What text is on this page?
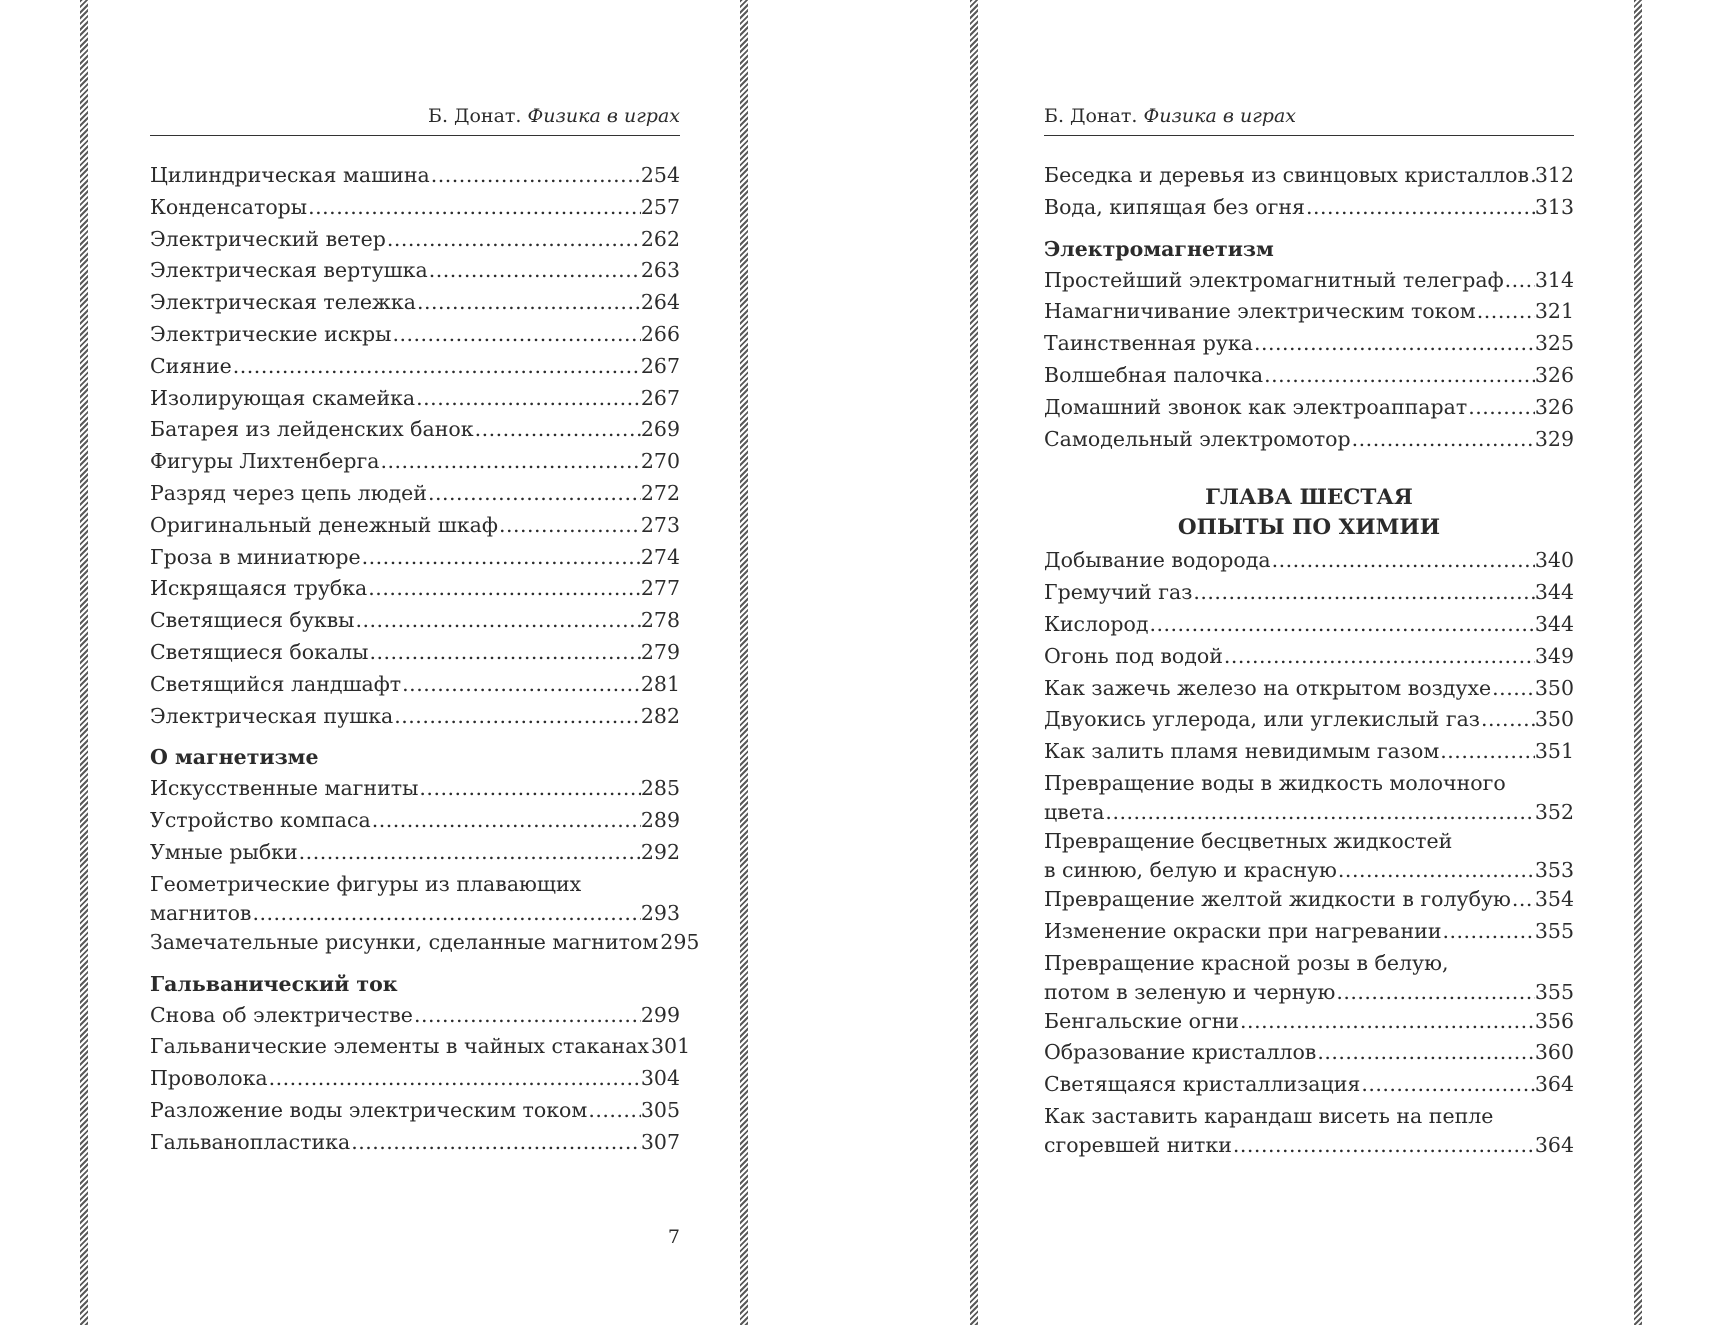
Б. Донат. Физика в играх
Цилиндрическая машина .....	254
Конденсаторы .....	257
Электрический ветер .....	262
Электрическая вертушка .....	263
Электрическая тележка .....	264
Электрические искры .....	266
Сияние .....	267
Изолирующая скамейка .....	267
Батарея из лейденских банок .....	269
Фигуры Лихтенберга .....	270
Разряд через цепь людей .....	272
Оригинальный денежный шкаф .....	273
Гроза в миниатюре .....	274
Искрящаяся трубка .....	277
Светящиеся буквы .....	278
Светящиеся бокалы .....	279
Светящийся ландшафт .....	281
Электрическая пушка .....	282
О магнетизме
Искусственные магниты .....	285
Устройство компаса .....	289
Умные рыбки .....	292
Геометрические фигуры из плавающих
магнитов .....	293
Замечательные рисунки, сделанные магнитом ..... 295
Гальванический ток
Снова об электричестве .....	299
Гальванические элементы в чайных стаканах ..... 301
Проволока .....	304
Разложение воды электрическим током .....	305
Гальванопластика .....	307
7
Б. Донат. Физика в играх
Беседка и деревья из свинцовых кристаллов ..... 312
Вода, кипящая без огня .....	313
Электромагнетизм
Простейший электромагнитный телеграф ..... 314
Намагничивание электрическим током .....	321
Таинственная рука .....	325
Волшебная палочка .....	326
Домашний звонок как электроаппарат .....	326
Самодельный электромотор .....	329
ГЛАВА ШЕСТАЯ
ОПЫТЫ ПО ХИМИИ
Добывание водорода .....	340
Гремучий газ .....	344
Кислород .....	344
Огонь под водой .....	349
Как зажечь железо на открытом воздухе ..... 350
Двуокись углерода, или углекислый газ .....	350
Как залить пламя невидимым газом .....	351
Превращение воды в жидкость молочного
цвета .....	352
Превращение бесцветных жидкостей
в синюю, белую и красную .....	353
Превращение желтой жидкости в голубую ..... 354
Изменение окраски при нагревании .....	355
Превращение красной розы в белую,
потом в зеленую и черную .....	355
Бенгальские огни .....	356
Образование кристаллов .....	360
Светящаяся кристаллизация .....	364
Как заставить карандаш висеть на пепле
сгоревшей нитки .....	364
